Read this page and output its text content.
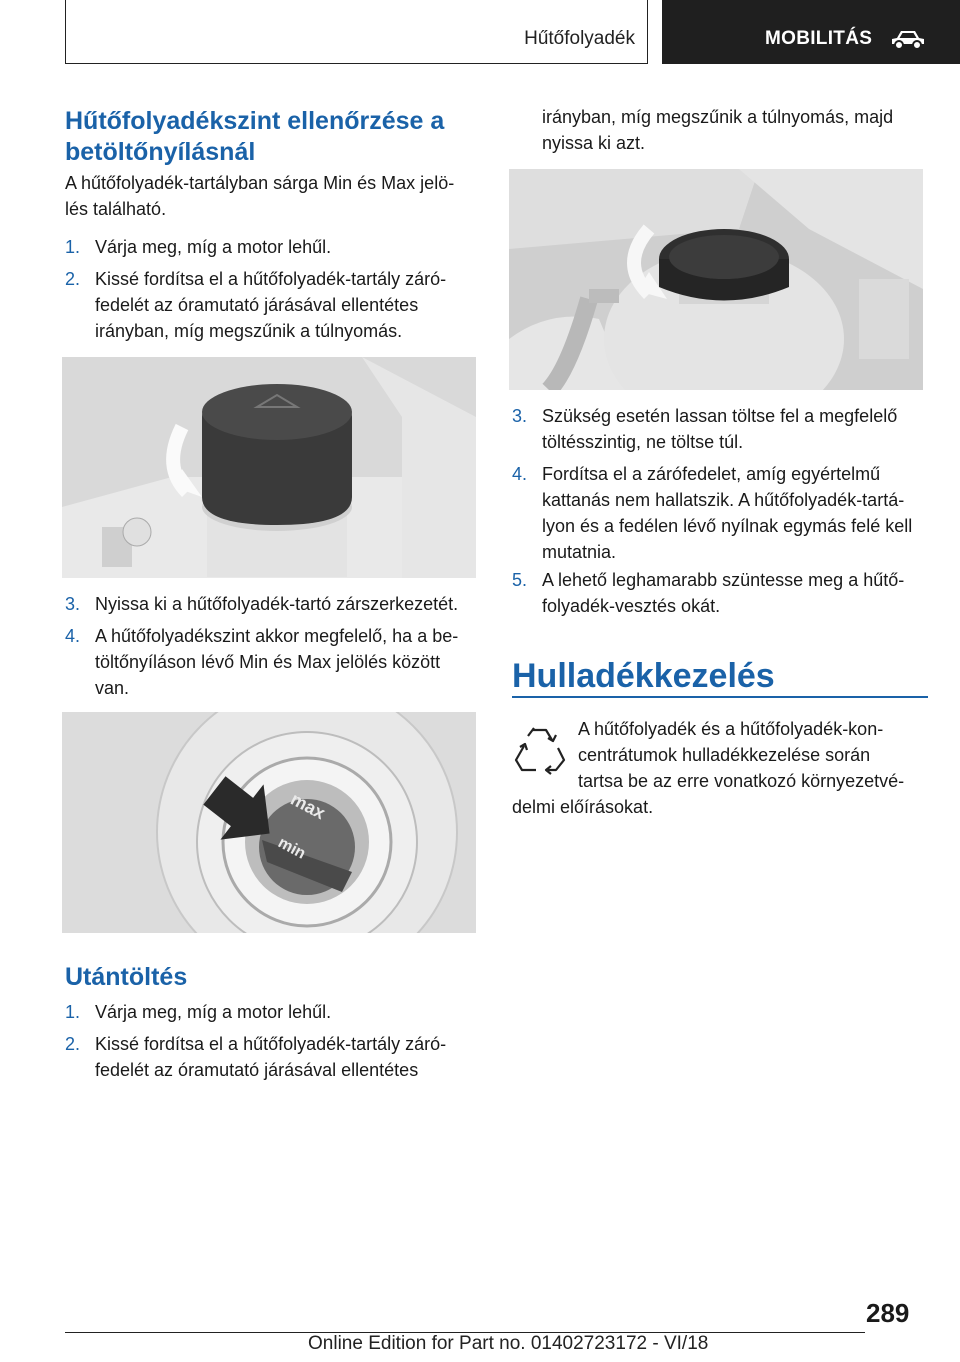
Hűtőfolyadék	MOBILITÁS
Hűtőfolyadékszint ellenőrzése a
betöltőnyílásnál
A hűtőfolyadék-tartályban sárga Min és Max jelö-
lés található.
1. Várja meg, míg a motor lehűl.
2. Kissé fordítsa el a hűtőfolyadék-tartály záró-
fedelét az óramutató járásával ellentétes
irányban, míg megszűnik a túlnyomás.
3. Nyissa ki a hűtőfolyadék-tartó zárszerkezetét.
4. A hűtőfolyadékszint akkor megfelelő, ha a be-
töltőnyíláson lévő Min és Max jelölés között
van.
max
min
Utántöltés
1. Várja meg, míg a motor lehűl.
2. Kissé fordítsa el a hűtőfolyadék-tartály záró-
fedelét az óramutató járásával ellentétes
irányban, míg megszűnik a túlnyomás, majd
nyissa ki azt.
3. Szükség esetén lassan töltse fel a megfelelő
töltésszintig, ne töltse túl.
4. Fordítsa el a zárófedelet, amíg egyértelmű
kattanás nem hallatszik. A hűtőfolyadék-tartá-
lyon és a fedélen lévő nyílnak egymás felé kell
mutatnia.
5. A lehető leghamarabb szüntesse meg a hűtő-
folyadék-vesztés okát.
Hulladékkezelés
A hűtőfolyadék és a hűtőfolyadék-kon-
centrátumok hulladékkezelése során
tartsa be az erre vonatkozó környezetvé-
delmi előírásokat.
289
Online Edition for Part no. 01402723172 - VI/18
